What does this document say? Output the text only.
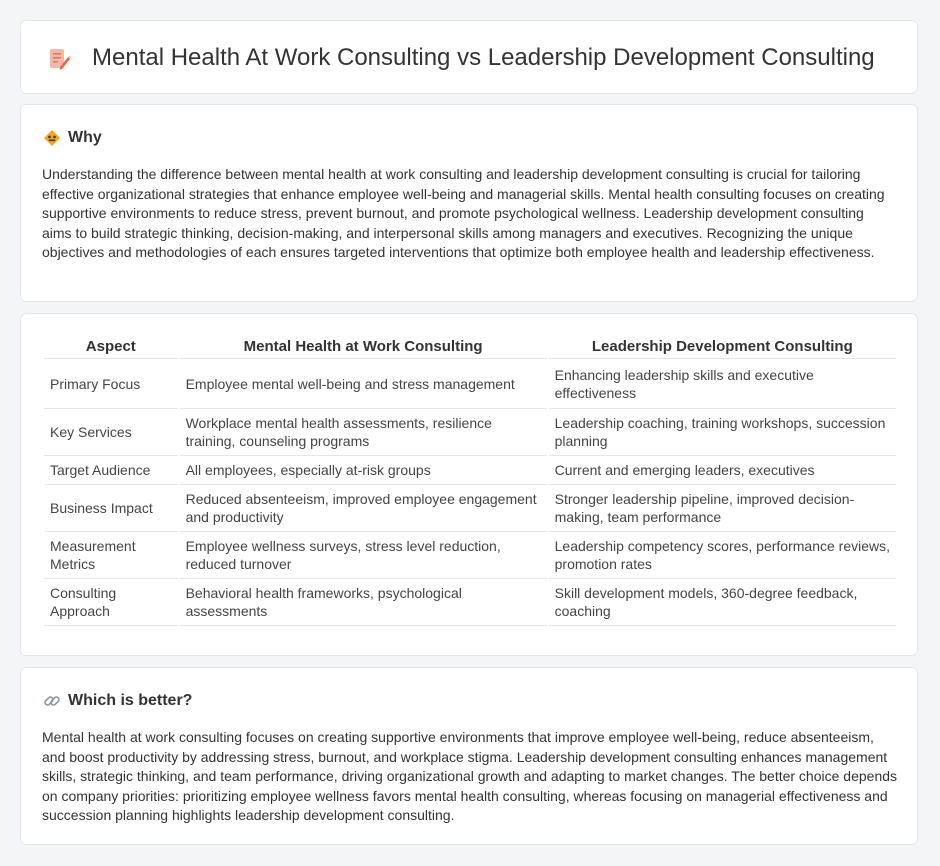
Mental Health At Work Consulting vs Leadership Development Consulting
Why

Understanding the difference between mental health at work consulting and leadership development consulting is crucial for tailoring effective organizational strategies that enhance employee well-being and managerial skills. Mental health consulting focuses on creating supportive environments to reduce stress, prevent burnout, and promote psychological wellness. Leadership development consulting aims to build strategic thinking, decision-making, and interpersonal skills among managers and executives. Recognizing the unique objectives and methodologies of each ensures targeted interventions that optimize both employee health and leadership effectiveness.

Aspect	Mental Health at Work Consulting	Leadership Development Consulting
Primary Focus	Employee mental well-being and stress management	Enhancing leadership skills and executive effectiveness
Key Services	Workplace mental health assessments, resilience training, counseling programs	Leadership coaching, training workshops, succession planning
Target Audience	All employees, especially at-risk groups	Current and emerging leaders, executives
Business Impact	Reduced absenteeism, improved employee engagement and productivity	Stronger leadership pipeline, improved decision-making, team performance
Measurement Metrics	Employee wellness surveys, stress level reduction, reduced turnover	Leadership competency scores, performance reviews, promotion rates
Consulting Approach	Behavioral health frameworks, psychological assessments	Skill development models, 360-degree feedback, coaching
Which is better?

Mental health at work consulting focuses on creating supportive environments that improve employee well-being, reduce absenteeism, and boost productivity by addressing stress, burnout, and workplace stigma. Leadership development consulting enhances management skills, strategic thinking, and team performance, driving organizational growth and adapting to market changes. The better choice depends on company priorities: prioritizing employee wellness favors mental health consulting, whereas focusing on managerial effectiveness and succession planning highlights leadership development consulting.
